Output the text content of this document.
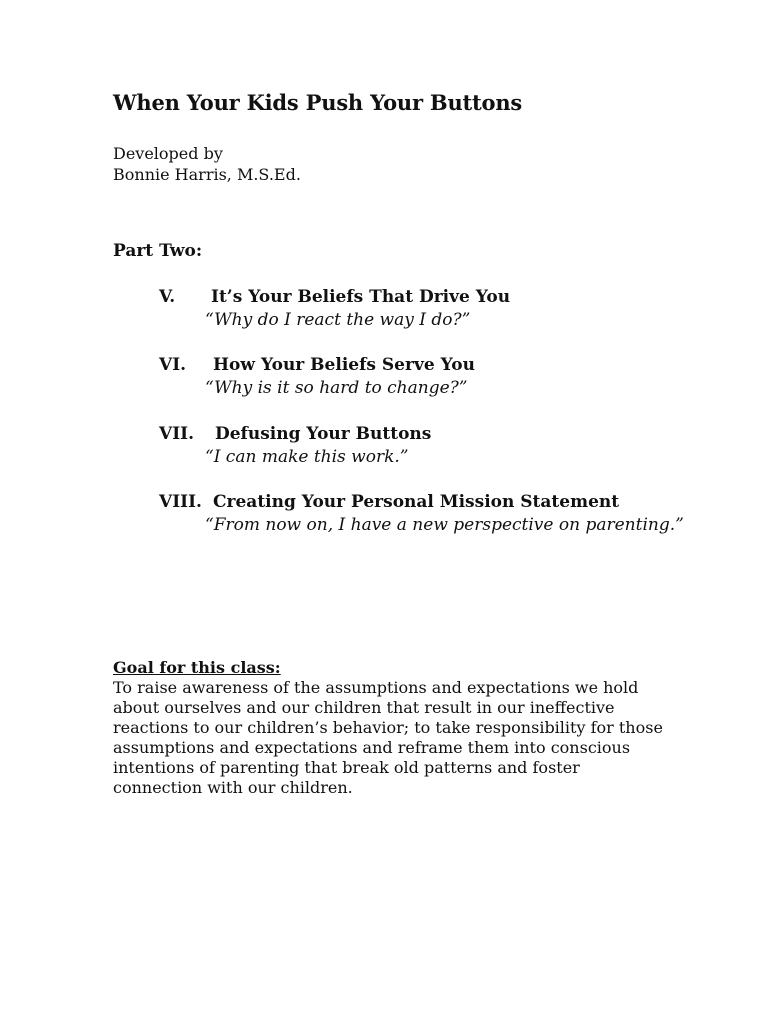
When Your Kids Push Your Buttons
Developed by
Bonnie Harris, M.S.Ed.
Part Two:
V. It’s Your Beliefs That Drive You
“Why do I react the way I do?”
VI. How Your Beliefs Serve You
“Why is it so hard to change?”
VII. Defusing Your Buttons
“I can make this work.”
VIII. Creating Your Personal Mission Statement
“From now on, I have a new perspective on parenting.”
Goal for this class:
To raise awareness of the assumptions and expectations we hold about ourselves and our children that result in our ineffective reactions to our children’s behavior; to take responsibility for those assumptions and expectations and reframe them into conscious intentions of parenting that break old patterns and foster connection with our children.
